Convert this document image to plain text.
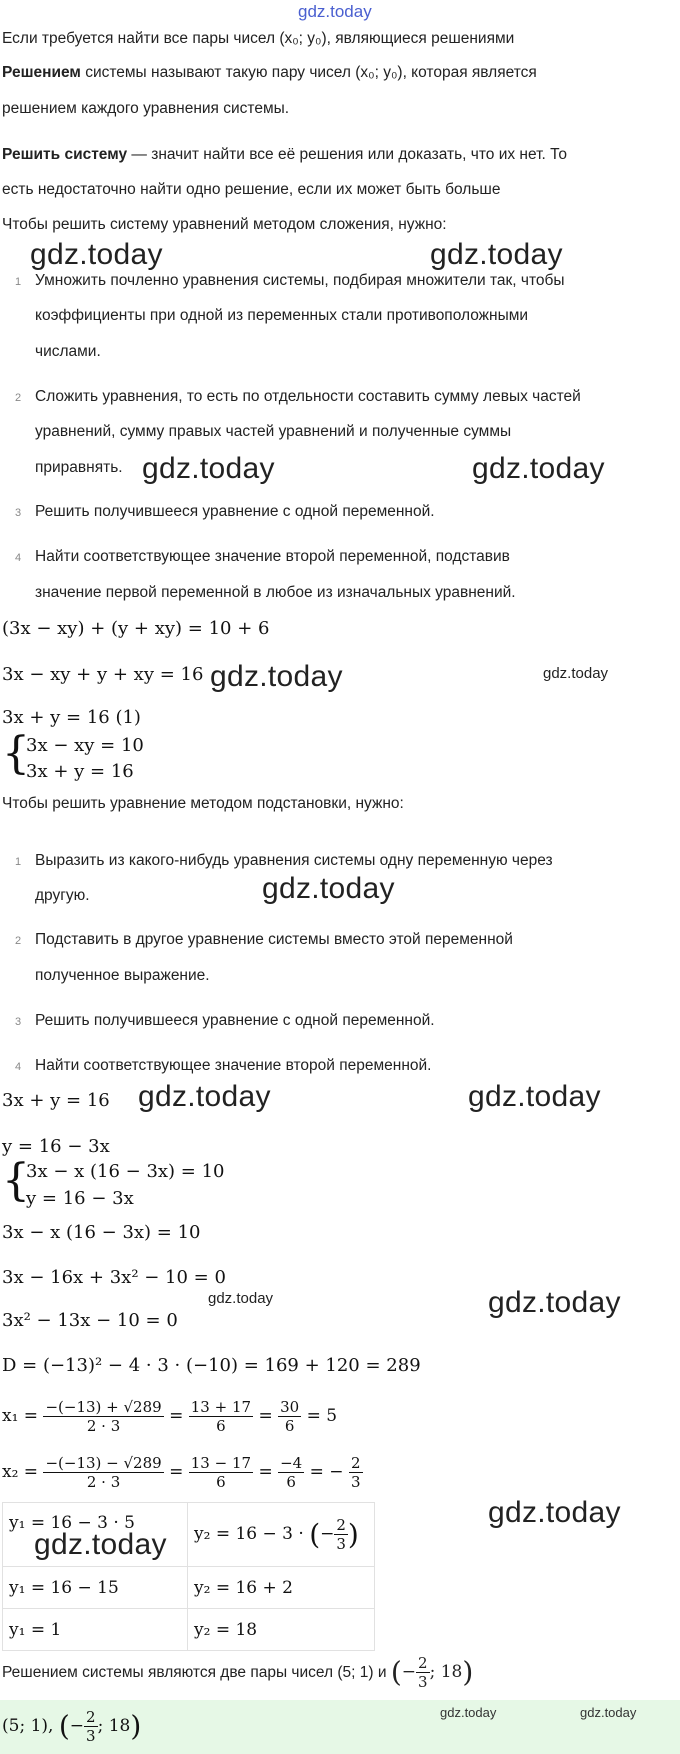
gdz.today
Если требуется найти все пары чисел (x₀; y₀), являющиеся решениями
Решением системы называют такую пару чисел (x₀; y₀), которая является
решением каждого уравнения системы.
Решить систему — значит найти все её решения или доказать, что их нет. То
есть недостаточно найти одно решение, если их может быть больше
Чтобы решить систему уравнений методом сложения, нужно:
gdz.today	gdz.today
1 Умножить почленно уравнения системы, подбирая множители так, чтобы
коэффициенты при одной из переменных стали противоположными
числами.
2 Сложить уравнения, то есть по отдельности составить сумму левых частей
уравнений, сумму правых частей уравнений и полученные суммы
приравнять. gdz.today	gdz.today
3 Решить получившееся уравнение с одной переменной.
4 Найти соответствующее значение второй переменной, подставив
значение первой переменной в любое из изначальных уравнений.
(3x − xy) + (y + xy) = 10 + 6
3x − xy + y + xy = 16 gdz.today	gdz.today
3x + y = 16 (1)
{
3x − xy = 10
3x + y = 16
Чтобы решить уравнение методом подстановки, нужно:
1 Выразить из какого-нибудь уравнения системы одну переменную через
другую.	gdz.today
2 Подставить в другое уравнение системы вместо этой переменной
полученное выражение.
3 Решить получившееся уравнение с одной переменной.
4 Найти соответствующее значение второй переменной.
3x + y = 16 gdz.today	gdz.today
y = 16 − 3x
{
3x − x (16 − 3x) = 10
y = 16 − 3x
3x − x (16 − 3x) = 10
3x − 16x + 3x² − 10 = 0
gdz.today	gdz.today
3x² − 13x − 10 = 0
D = (−13)² − 4 · 3 · (−10) = 169 + 120 = 289
$x_1 = \frac{-(-13) + √289}{2 \cdot 3} = \frac{13 + 17}{6} = \frac{30}{6} = 5$
$x_2 = \frac{-(-13) - √289}{2 \cdot 3} = \frac{13 - 17}{6} = \frac{-4}{6}$ = − $\frac{2}{3}$
y₁ = 16 − 3 · 5	y₂ = 16 − 3 · (− $\frac{2}{3}$ )
y₁ = 16 − 15	y₂ = 16 + 2
y₁ = 1	y₂ = 18
gdz.today
gdz.today
Решением системы являются две пары чисел (5; 1) и (− $\frac{2}{3}$ ; 18)
(5; 1), (− $\frac{2}{3}$ ; 18)	gdz.today	gdz.today
